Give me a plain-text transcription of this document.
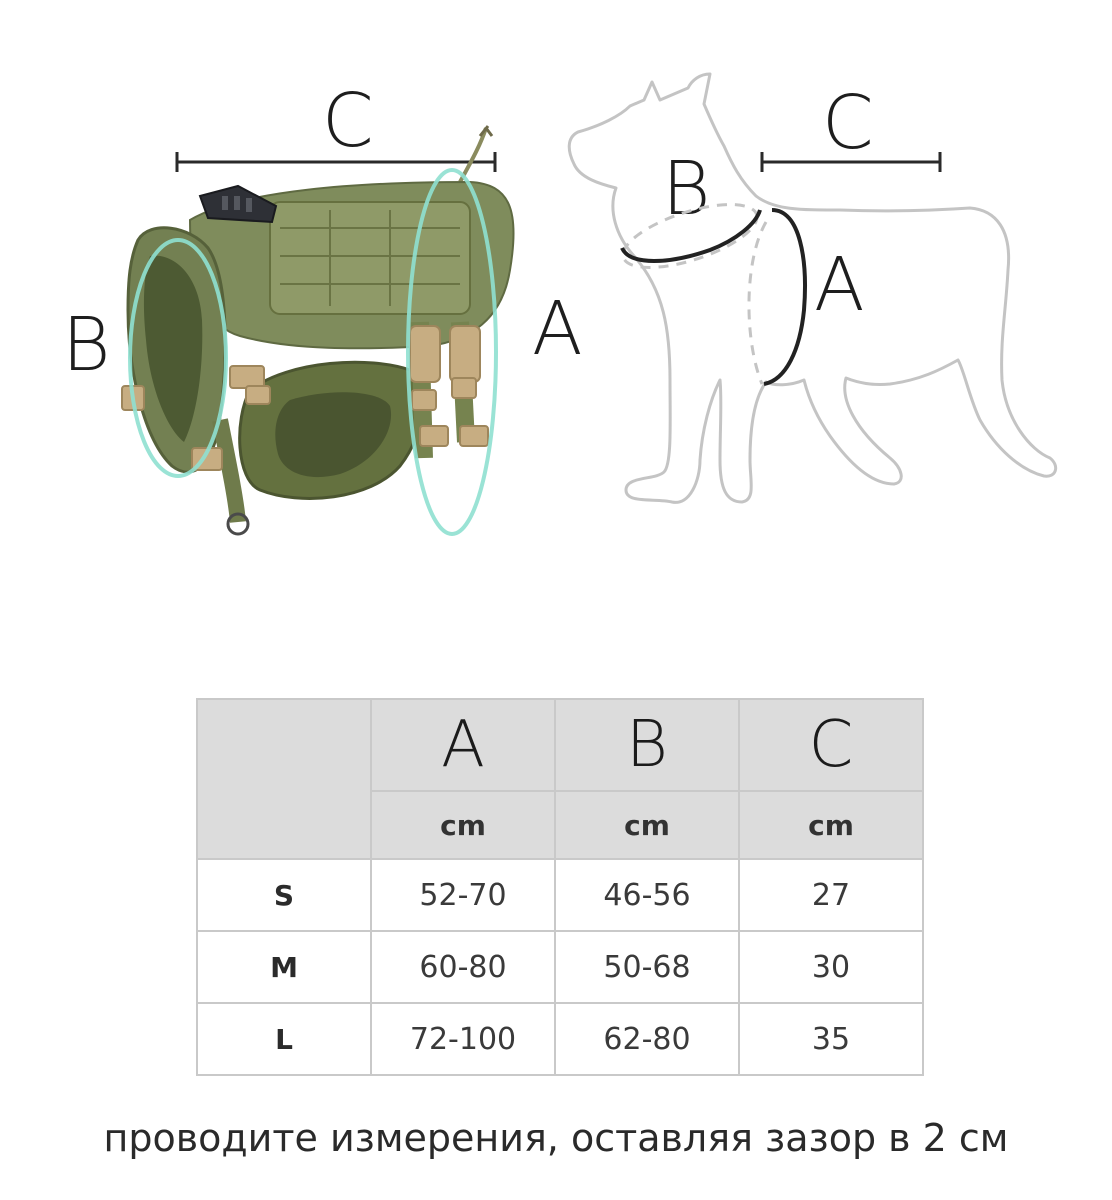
C
B	A
C
B
A
	A	B	C
	cm	cm	cm
S	52-70	46-56	27
M	60-80	50-68	30
L	72-100	62-80	35
проводите измерения, оставляя зазор в 2 см
